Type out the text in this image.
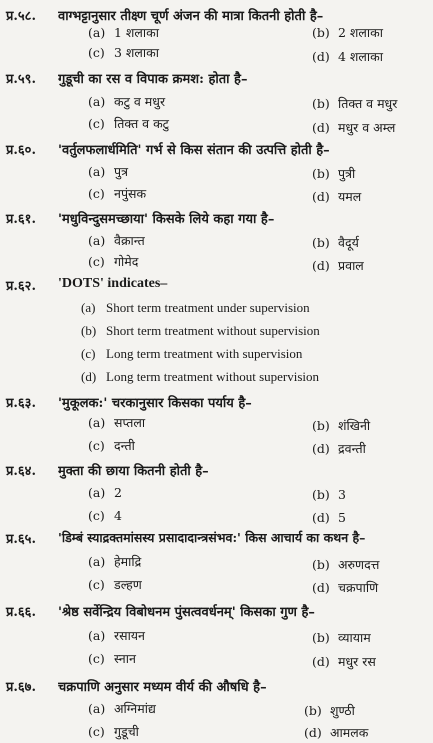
प्र.५८. वाग्भट्टानुसार तीक्ष्ण चूर्ण अंजन की मात्रा कितनी होती है–
(a) 1 शलाका	(b) 2 शलाका
(c) 3 शलाका	(d) 4 शलाका
प्र.५९. गुडूची का रस व विपाक क्रमश: होता है–
(a) कटु व मधुर	(b) तिक्त व मधुर
(c) तिक्त व कटु	(d) मधुर व अम्ल
प्र.६०. 'वर्तुलफलार्धमिति' गर्भ से किस संतान की उत्पत्ति होती है–
(a) पुत्र	(b) पुत्री
(c) नपुंसक	(d) यमल
प्र.६१. 'मधुविन्दुसमच्छाया' किसके लिये कहा गया है–
(a) वैक्रान्त	(b) वैदूर्य
(c) गोमेद	(d) प्रवाल
प्र.६२. 'DOTS' indicates–
(a) Short term treatment under supervision
(b) Short term treatment without supervision
(c) Long term treatment with supervision
(d) Long term treatment without supervision
प्र.६३. 'मुकूलक:' चरकानुसार किसका पर्याय है–
(a) सप्तला	(b) शंखिनी
(c) दन्ती	(d) द्रवन्ती
प्र.६४. मुक्ता की छाया कितनी होती है–
(a) 2	(b) 3
(c) 4	(d) 5
प्र.६५. 'डिम्बं स्याद्रक्तमांसस्य प्रसादादान्त्रसंभव:' किस आचार्य का कथन है–
(a) हेमाद्रि	(b) अरुणदत्त
(c) डल्हण	(d) चक्रपाणि
प्र.६६. 'श्रेष्ठ सर्वेन्द्रिय विबोधनम पुंसत्ववर्धनम्' किसका गुण है–
(a) रसायन	(b) व्यायाम
(c) स्नान	(d) मधुर रस
प्र.६७. चक्रपाणि अनुसार मध्यम वीर्य की औषधि है–
(a) अग्निमांद्य	(b) शुण्ठी
(c) गुडूची	(d) आमलक
